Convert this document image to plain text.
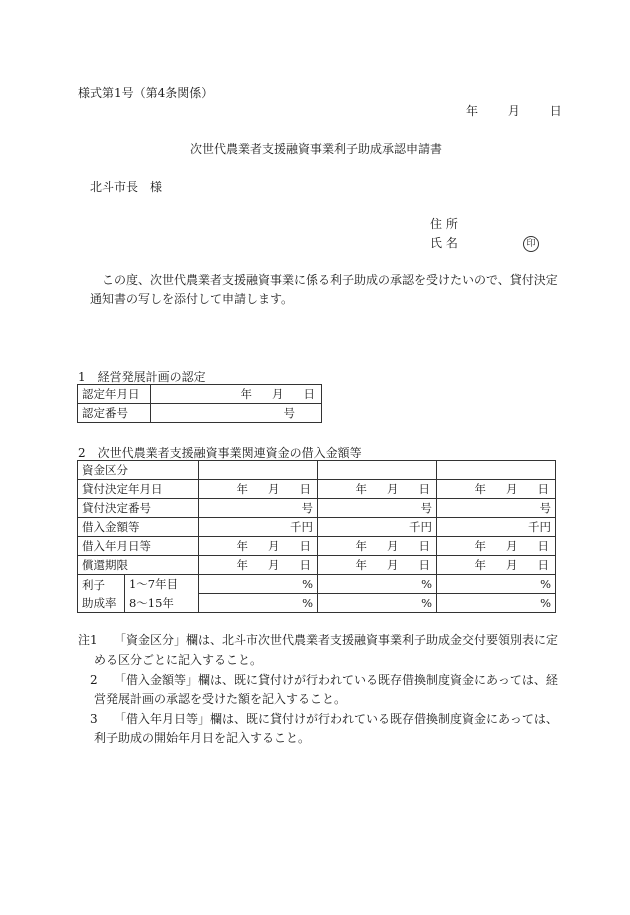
様式第1号（第4条関係）
年 月 日
次世代農業者支援融資事業利子助成承認申請書
北斗市長　様
住 所
氏 名	印
この度、次世代農業者支援融資事業に係る利子助成の承認を受けたいので、貸付決定
通知書の写しを添付して申請します。
1　経営発展計画の認定
認定年月日	年 月 日
認定番号	号
2　次世代農業者支援融資事業関連資金の借入金額等
資金区分				
貸付決定年月日		年 月 日	年 月 日	年 月 日
貸付決定番号		号	号	号
借入金額等		千円	千円	千円
借入年月日等		年 月 日	年 月 日	年 月 日
償還期限		年 月 日	年 月 日	年 月 日

利子
助成率	1～7年目	%	%	%
	8～15年	%	%	%
注1 「資金区分」欄は、北斗市次世代農業者支援融資事業利子助成金交付要領別表に定
める区分ごとに記入すること。
2 「借入金額等」欄は、既に貸付けが行われている既存借換制度資金にあっては、経
営発展計画の承認を受けた額を記入すること。
3 「借入年月日等」欄は、既に貸付けが行われている既存借換制度資金にあっては、
利子助成の開始年月日を記入すること。
